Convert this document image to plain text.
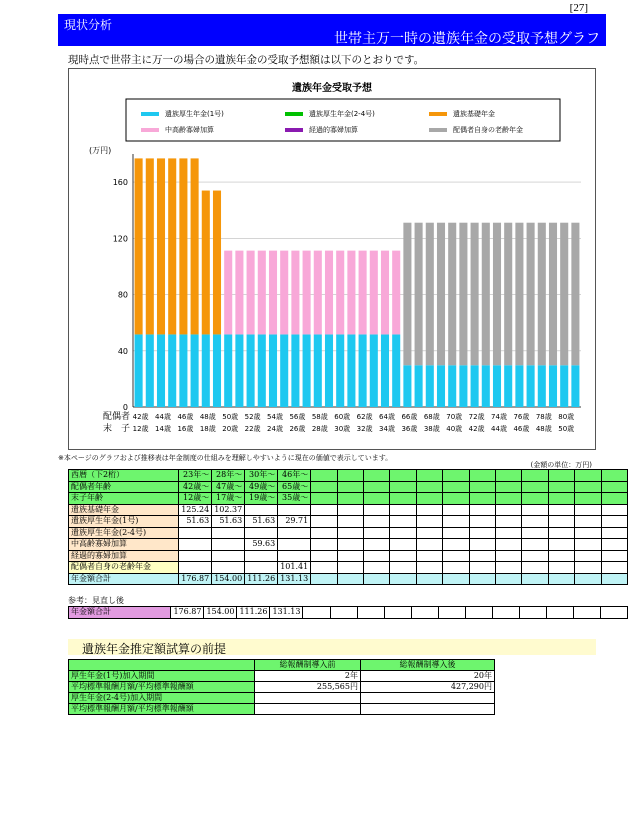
[27]
現状分析
世帯主万一時の遺族年金の受取予想グラフ
現時点で世帯主に万一の場合の遺族年金の受取予想額は以下のとおりです。
遺族年金受取予想
遺族厚生年金(1号)	遺族厚生年金(2-4号)	遺族基礎年金
中高齢寡婦加算	経過的寡婦加算	配偶者自身の老齢年金
(万円)
0
40
80
120
160
配偶者
末　子
42歳
12歳
44歳
14歳
46歳
16歳
48歳
18歳
50歳
20歳
52歳
22歳
54歳
24歳
56歳
26歳
58歳
28歳
60歳
30歳
62歳
32歳
64歳
34歳
66歳
36歳
68歳
38歳
70歳
40歳
72歳
42歳
74歳
44歳
76歳
46歳
78歳
48歳
80歳
50歳
※本ページのグラフおよび推移表は年金制度の仕組みを理解しやすいように現在の価値で表示しています。
(金額の単位：万円)
西暦（下2桁）	23年～	28年～	30年～	46年～												
配偶者年齢	42歳～	47歳～	49歳～	65歳～												
末子年齢	12歳～	17歳～	19歳～	35歳～												
遺族基礎年金	125.24	102.37														
遺族厚生年金(1号)	51.63	51.63	51.63	29.71												
遺族厚生年金(2-4号)																
中高齢寡婦加算			59.63													
経過的寡婦加算																
配偶者自身の老齢年金				101.41												
年金額合計	176.87	154.00	111.26	131.13												
参考：見直し後
年金額合計	176.87	154.00	111.26	131.13												
遺族年金推定額試算の前提
	総報酬制導入前	総報酬制導入後
厚生年金(1号)加入期間	2年	20年
平均標準報酬月額/平均標準報酬額	255,565円	427,290円
厚生年金(2-4号)加入期間		
平均標準報酬月額/平均標準報酬額		
